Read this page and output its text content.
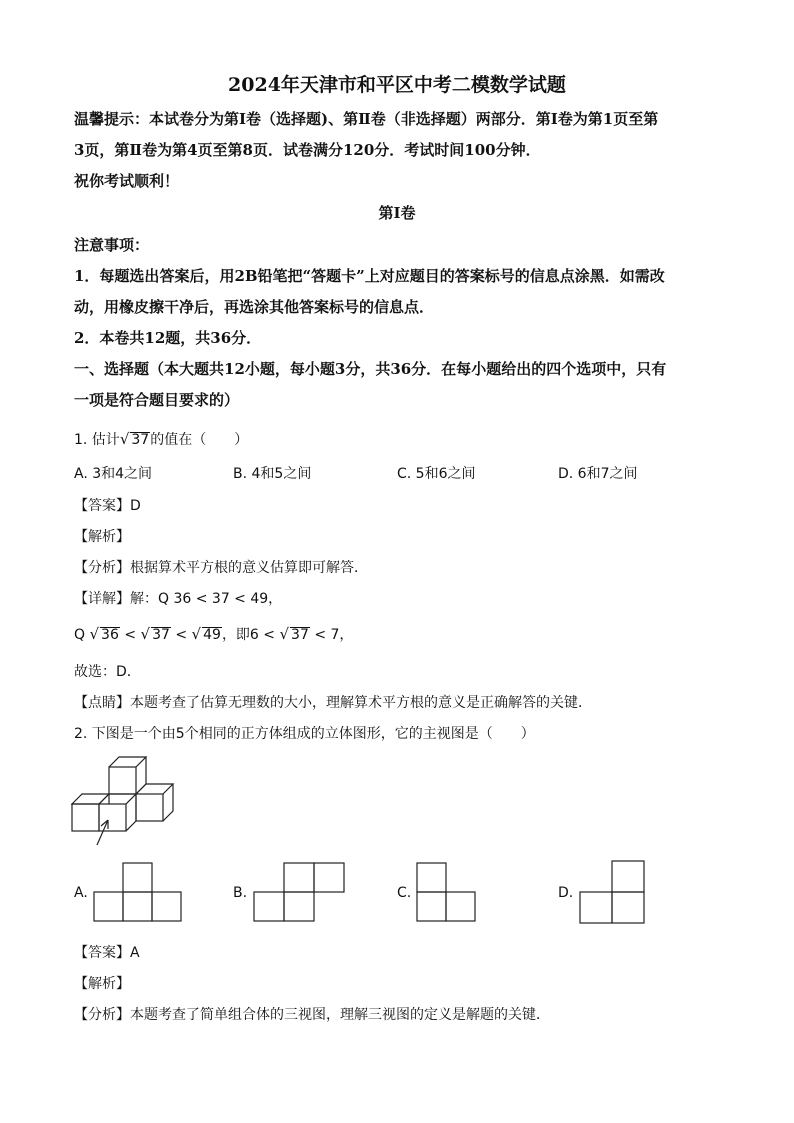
2024年天津市和平区中考二模数学试题
温馨提示：本试卷分为第Ⅰ卷（选择题)、第Ⅱ卷（非选择题）两部分．第Ⅰ卷为第1页至第
3页，第Ⅱ卷为第4页至第8页．试卷满分120分．考试时间100分钟．
祝你考试顺利！
第Ⅰ卷
注意事项：
1．每题选出答案后，用2B铅笔把“答题卡”上对应题目的答案标号的信息点涂黑．如需改
动，用橡皮擦干净后，再选涂其他答案标号的信息点．
2．本卷共12题，共36分．
一、选择题（本大题共12小题，每小题3分，共36分．在每小题给出的四个选项中，只有
一项是符合题目要求的）
1. 估计√ 37的值在（　　）
A. 3和4之间	B. 4和5之间	C. 5和6之间	D. 6和7之间
【答案】D
【解析】
【分析】根据算术平方根的意义估算即可解答．
【详解】解：Q 36 < 37 < 49，
Q √ 36 < √ 37 < √ 49，即6 < √ 37 < 7，
故选：D．
【点睛】本题考查了估算无理数的大小，理解算术平方根的意义是正确解答的关键．
2. 下图是一个由5个相同的正方体组成的立体图形，它的主视图是（　　）
A.	B.	C.	D.
【答案】A
【解析】
【分析】本题考查了简单组合体的三视图，理解三视图的定义是解题的关键．
